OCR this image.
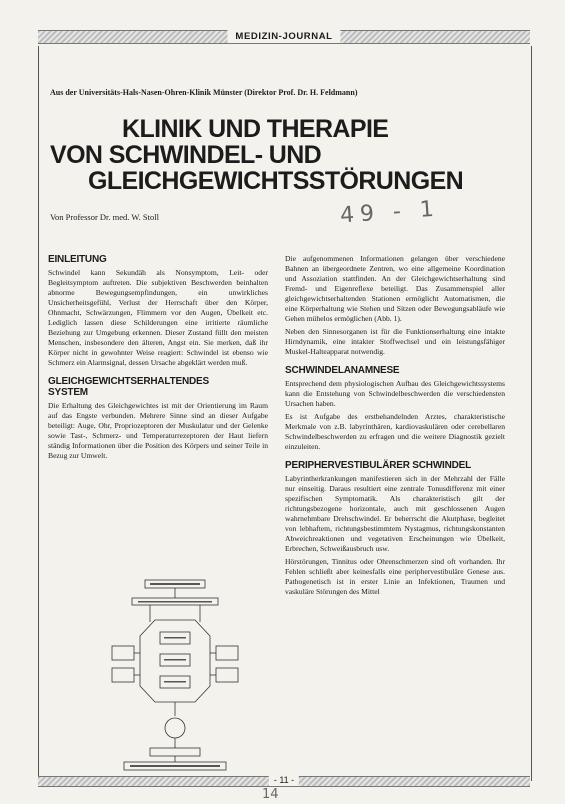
MEDIZIN-JOURNAL
Aus der Universitäts-Hals-Nasen-Ohren-Klinik Münster (Direktor Prof. Dr. H. Feldmann)
KLINIK UND THERAPIE
VON SCHWINDEL- UND
GLEICHGEWICHTSSTÖRUNGEN
Von Professor Dr. med. W. Stoll	49 - 1
EINLEITUNG

Schwindel kann Sekundäh als Nonsymptom, Leit- oder Begleitsymptom auftreten. Die subjektiven Beschwerden beinhalten abnorme Bewegungsempfindungen, ein unwirkliches Unsicherheitsgefühl, Verlust der Herrschaft über den Körper, Ohnmacht, Schwärzungen, Flimmern vor den Augen, Übelkeit etc. Lediglich lassen diese Schilderungen eine irritierte räumliche Beziehung zur Umgebung erkennen. Dieser Zustand füllt den meisten Menschen, insbesondere den älteren, Angst ein. Sie merken, daß ihr Körper nicht in gewohnter Weise reagiert: Schwindel ist ebenso wie Schmerz ein Alarmsignal, dessen Ursache abgeklärt werden muß.

GLEICHGEWICHTSERHALTENDES
SYSTEM

Die Erhaltung des Gleichgewichtes ist mit der Orientierung im Raum auf das Engste verbunden. Mehrere Sinne sind an dieser Aufgabe beteiligt: Auge, Ohr, Propriozeptoren der Muskulatur und der Gelenke sowie Tast-, Schmerz- und Temperaturrezeptoren der Haut liefern ständig Informationen über die Position des Körpers und seiner Teile in Bezug zur Umwelt.

Die aufgenommenen Informationen gelangen über verschiedene Bahnen an übergeordnete Zentren, wo eine allgemeine Koordination und Assoziation stattfinden. An der Gleichgewichtserhaltung sind Fremd- und Eigenreflexe beteiligt. Das Zusammenspiel aller gleichgewichtserhaltenden Stationen ermöglicht Automatismen, die eine Körperhaltung wie Stehen und Sitzen oder Bewegungsabläufe wie Gehen mühelos ermöglichen (Abb. 1).

Neben den Sinnesorganen ist für die Funktionserhaltung eine intakte Hirndynamik, eine intakter Stoffwechsel und ein leistungsfähiger Muskel-Halteapparat notwendig.

SCHWINDELANAMNESE

Entsprechend dem physiologischen Aufbau des Gleichgewichtssystems kann die Entstehung von Schwindelbeschwerden die verschiedensten Ursachen haben.

Es ist Aufgabe des erstbehandelnden Arztes, charakteristische Merkmale von z.B. labyrinthären, kardiovaskulären oder cerebellaren Schwindelbeschwerden zu erfragen und die weitere Diagnostik gezielt einzuleiten.

PERIPHERVESTIBULÄRER SCHWINDEL

Labyrintherkrankungen manifestieren sich in der Mehrzahl der Fälle nur einseitig. Daraus resultiert eine zentrale Tonusdifferenz mit einer spezifischen Symptomatik. Als charakteristisch gilt der richtungsbezogene horizontale, auch mit geschlossenen Augen wahrnehmbare Drehschwindel. Er beherrscht die Akutphase, begleitet von lebhaftem, richtungsbestimmtem Nystagmus, richtungskonstanten Abweichreaktionen und vegetativen Erscheinungen wie Übelkeit, Erbrechen, Schweißausbruch usw.

Hörstörungen, Tinnitus oder Ohrenschmerzen sind oft vorhanden. Ihr Fehlen schließt aber keinesfalls eine periphervestibuläre Genese aus. Pathogenetisch ist in erster Linie an Infektionen, Traumen und vaskuläre Störungen des Mittel

- 11 -
14
